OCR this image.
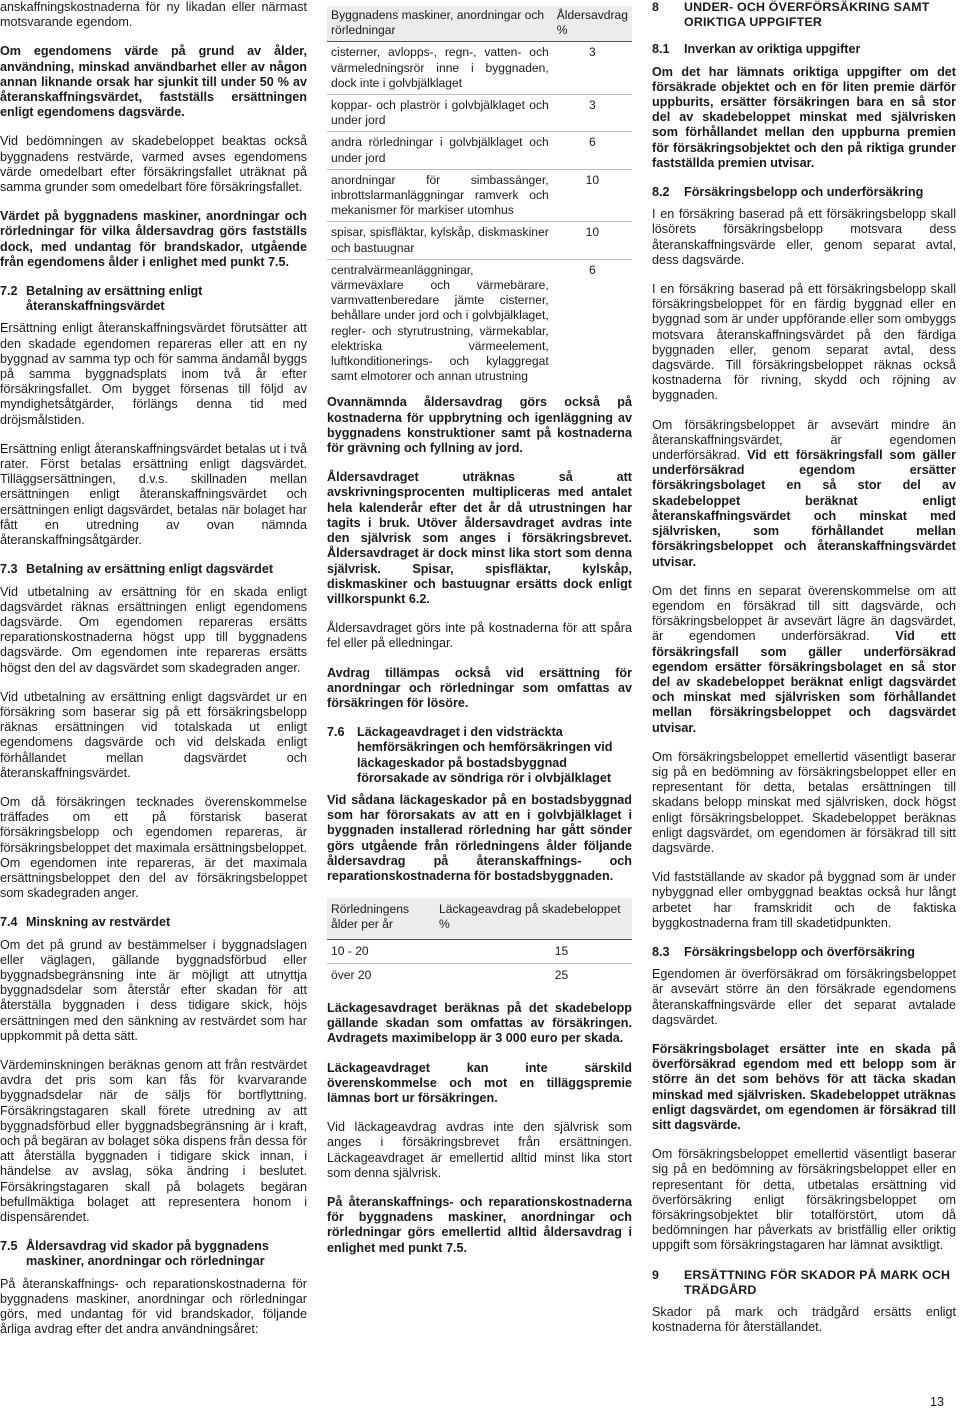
anskaffningskostnaderna för ny likadan eller närmast motsvarande egendom.

Om egendomens värde på grund av ålder, användning, minskad användbarhet eller av någon annan liknande orsak har sjunkit till under 50 % av återanskaffningsvärdet, fastställs ersättningen enligt egendomens dagsvärde.

Vid bedömningen av skadebeloppet beaktas också byggnadens restvärde, varmed avses egendomens värde omedelbart efter försäkringsfallet uträknat på samma grunder som omedelbart före försäkringsfallet.

Värdet på byggnadens maskiner, anordningar och rörledningar för vilka åldersavdrag görs fastställs dock, med undantag för brandskador, utgående från egendomens ålder i enlighet med punkt 7.5.

7.2 Betalning av ersättning enligt återanskaffningsvärdet

Ersättning enligt återanskaffningsvärdet förutsätter att den skadade egendomen repareras eller att en ny byggnad av samma typ och för samma ändamål byggs på samma byggnadsplats inom två år efter försäkringsfallet. Om bygget försenas till följd av myndighetsåtgärder, förlängs denna tid med dröjsmålstiden.

Ersättning enligt återanskaffningsvärdet betalas ut i två rater. Först betalas ersättning enligt dagsvärdet. Tilläggsersättningen, d.v.s. skillnaden mellan ersättningen enligt återanskaffningsvärdet och ersättningen enligt dagsvärdet, betalas när bolaget har fått en utredning av ovan nämnda återanskaffningsåtgärder.

7.3 Betalning av ersättning enligt dagsvärdet

Vid utbetalning av ersättning för en skada enligt dagsvärdet räknas ersättningen enligt egendomens dagsvärde. Om egendomen repareras ersätts reparationskostnaderna högst upp till byggnadens dagsvärde. Om egendomen inte repareras ersätts högst den del av dagsvärdet som skadegraden anger.

Vid utbetalning av ersättning enligt dagsvärdet ur en försäkring som baserar sig på ett försäkringsbelopp räknas ersättningen vid totalskada ut enligt egendomens dagsvärde och vid delskada enligt förhållandet mellan dagsvärdet och återanskaffningsvärdet.

Om då försäkringen tecknades överenskommelse träffades om ett på förstarisk baserat försäkringsbelopp och egendomen repareras, är försäkringsbeloppet det maximala ersättningsbeloppet. Om egendomen inte repareras, är det maximala ersättningsbeloppet den del av försäkringsbeloppet som skadegraden anger.

7.4 Minskning av restvärdet

Om det på grund av bestämmelser i byggnadslagen eller väglagen, gällande byggnadsförbud eller byggnadsbegränsning inte är möjligt att utnyttja byggnadsdelar som återstår efter skadan för att återställa byggnaden i dess tidigare skick, höjs ersättningen med den sänkning av restvärdet som har uppkommit på detta sätt.

Värdeminskningen beräknas genom att från restvärdet avdra det pris som kan fås för kvarvarande byggnadsdelar när de säljs för bortflyttning. Försäkringstagaren skall förete utredning av att byggnadsförbud eller byggnadsbegränsning är i kraft, och på begäran av bolaget söka dispens från dessa för att återställa byggnaden i tidigare skick innan, i händelse av avslag, söka ändring i beslutet. Försäkringstagaren skall på bolagets begäran befullmäktiga bolaget att representera honom i dispensärendet.

7.5 Åldersavdrag vid skador på byggnadens maskiner, anordningar och rörledningar

På återanskaffnings- och reparationskostnaderna för byggnadens maskiner, anordningar och rörledningar görs, med undantag för vid brandskador, följande årliga avdrag efter det andra användningsåret:

Byggnadens maskiner, anordningar och rörledningar	Åldersavdrag %
cisterner, avlopps-, regn-, vatten- och värmeledningsrör inne i byggnaden, dock inte i golvbjälklaget	3
koppar- och plaströr i golvbjälklaget och under jord	3
andra rörledningar i golvbjälklaget och under jord	6
anordningar för simbassänger, inbrottslarmanläggningar ramverk och mekanismer för markiser utomhus	10
spisar, spisfläktar, kylskåp, diskmaskiner och bastuugnar	10
centralvärmeanläggningar, värmeväxlare och värmebärare, varmvattenberedare jämte cisterner, behållare under jord och i golvbjälklaget, regler- och styrutrustning, värmekablar, elektriska värmeelement, luftkonditionerings- och kylaggregat samt elmotorer och annan utrustning	6

Ovannämnda åldersavdrag görs också på kostnaderna för uppbrytning och igenläggning av byggnadens konstruktioner samt på kostnaderna för grävning och fyllning av jord.

Åldersavdraget uträknas så att avskrivningsprocenten multipliceras med antalet hela kalenderår efter det år då utrustningen har tagits i bruk. Utöver åldersavdraget avdras inte den självrisk som anges i försäkringsbrevet. Åldersavdraget är dock minst lika stort som denna självrisk. Spisar, spisfläktar, kylskåp, diskmaskiner och bastuugnar ersätts dock enligt villkorspunkt 6.2.

Åldersavdraget görs inte på kostnaderna för att spåra fel eller på elledningar.

Avdrag tillämpas också vid ersättning för anordningar och rörledningar som omfattas av försäkringen för lösöre.

7.6 Läckageavdraget i den vidsträckta hemförsäkringen och hemförsäkringen vid läckageskador på bostadsbyggnad förorsakade av söndriga rör i olvbjälklaget

Vid sådana läckageskador på en bostadsbyggnad som har förorsakats av att en i golvbjälklaget i byggnaden installerad rörledning har gått sönder görs utgående från rörledningens ålder följande åldersavdrag på återanskaffnings- och reparationskostnaderna för bostadsbyggnaden.

Rörledningens ålder per år	Läckageavdrag på skadebeloppet %
10 - 20	15
över 20	25

Läckagesavdraget beräknas på det skadebelopp gällande skadan som omfattas av försäkringen. Avdragets maximibelopp är 3 000 euro per skada.

Läckageavdraget kan inte särskild överenskommelse och mot en tilläggspremie lämnas bort ur försäkringen.

Vid läckageavdrag avdras inte den självrisk som anges i försäkringsbrevet från ersättningen. Läckageavdraget är emellertid alltid minst lika stort som denna självrisk.

På återanskaffnings- och reparationskostnaderna för byggnadens maskiner, anordningar och rörledningar görs emellertid alltid åldersavdrag i enlighet med punkt 7.5.

8	UNDER- OCH ÖVERFÖRSÄKRING SAMT ORIKTIGA UPPGIFTER
8.1	Inverkan av oriktiga uppgifter

Om det har lämnats oriktiga uppgifter om det försäkrade objektet och en för liten premie därför uppburits, ersätter försäkringen bara en så stor del av skadebeloppet minskat med självrisken som förhållandet mellan den uppburna premien för försäkringsobjektet och den på riktiga grunder fastställda premien utvisar.

8.2	Försäkringsbelopp och underförsäkring

I en försäkring baserad på ett försäkringsbelopp skall lösörets försäkringsbelopp motsvara dess återanskaffningsvärde eller, genom separat avtal, dess dagsvärde.

I en försäkring baserad på ett försäkringsbelopp skall försäkringsbeloppet för en färdig byggnad eller en byggnad som är under uppförande eller som ombyggs motsvara återanskaffningsvärdet på den färdiga byggnaden eller, genom separat avtal, dess dagsvärde. Till försäkringsbeloppet räknas också kostnaderna för rivning, skydd och röjning av byggnaden.

Om försäkringsbeloppet är avsevärt mindre än återanskaffningsvärdet, är egendomen underförsäkrad. Vid ett försäkringsfall som gäller underförsäkrad egendom ersätter försäkringsbolaget en så stor del av skadebeloppet beräknat enligt återanskaffningsvärdet och minskat med självrisken, som förhållandet mellan försäkringsbeloppet och återanskaffningsvärdet utvisar.

Om det finns en separat överenskommelse om att egendom en försäkrad till sitt dagsvärde, och försäkringsbeloppet är avsevärt lägre än dagsvärdet, är egendomen underförsäkrad. Vid ett försäkringsfall som gäller underförsäkrad egendom ersätter försäkringsbolaget en så stor del av skadebeloppet beräknat enligt dagsvärdet och minskat med självrisken som förhållandet mellan försäkringsbeloppet och dagsvärdet utvisar.

Om försäkringsbeloppet emellertid väsentligt baserar sig på en bedömning av försäkringsbeloppet eller en representant för detta, betalas ersättningen till skadans belopp minskat med självrisken, dock högst enligt försäkringsbeloppet. Skadebeloppet beräknas enligt dagsvärdet, om egendomen är försäkrad till sitt dagsvärde.

Vid fastställande av skador på byggnad som är under nybyggnad eller ombyggnad beaktas också hur långt arbetet har framskridit och de faktiska byggkostnaderna fram till skadetidpunkten.

8.3	Försäkringsbelopp och överförsäkring

Egendomen är överförsäkrad om försäkringsbeloppet är avsevärt större än den försäkrade egendomens återanskaffningsvärde eller det separat avtalade dagsvärdet.

Försäkringsbolaget ersätter inte en skada på överförsäkrad egendom med ett belopp som är större än det som behövs för att täcka skadan minskad med självrisken. Skadebeloppet uträknas enligt dagsvärdet, om egendomen är försäkrad till sitt dagsvärde.

Om försäkringsbeloppet emellertid väsentligt baserar sig på en bedömning av försäkringsbeloppet eller en representant för detta, utbetalas ersättning vid överförsäkring enligt försäkringsbeloppet om försäkringsobjektet blir totalförstört, utom då bedömningen har påverkats av bristfällig eller oriktig uppgift som försäkringstagaren har lämnat avsiktligt.

9	ERSÄTTNING FÖR SKADOR PÅ MARK OCH TRÄDGÅRD

Skador på mark och trädgård ersätts enligt kostnaderna för återställandet.

13
